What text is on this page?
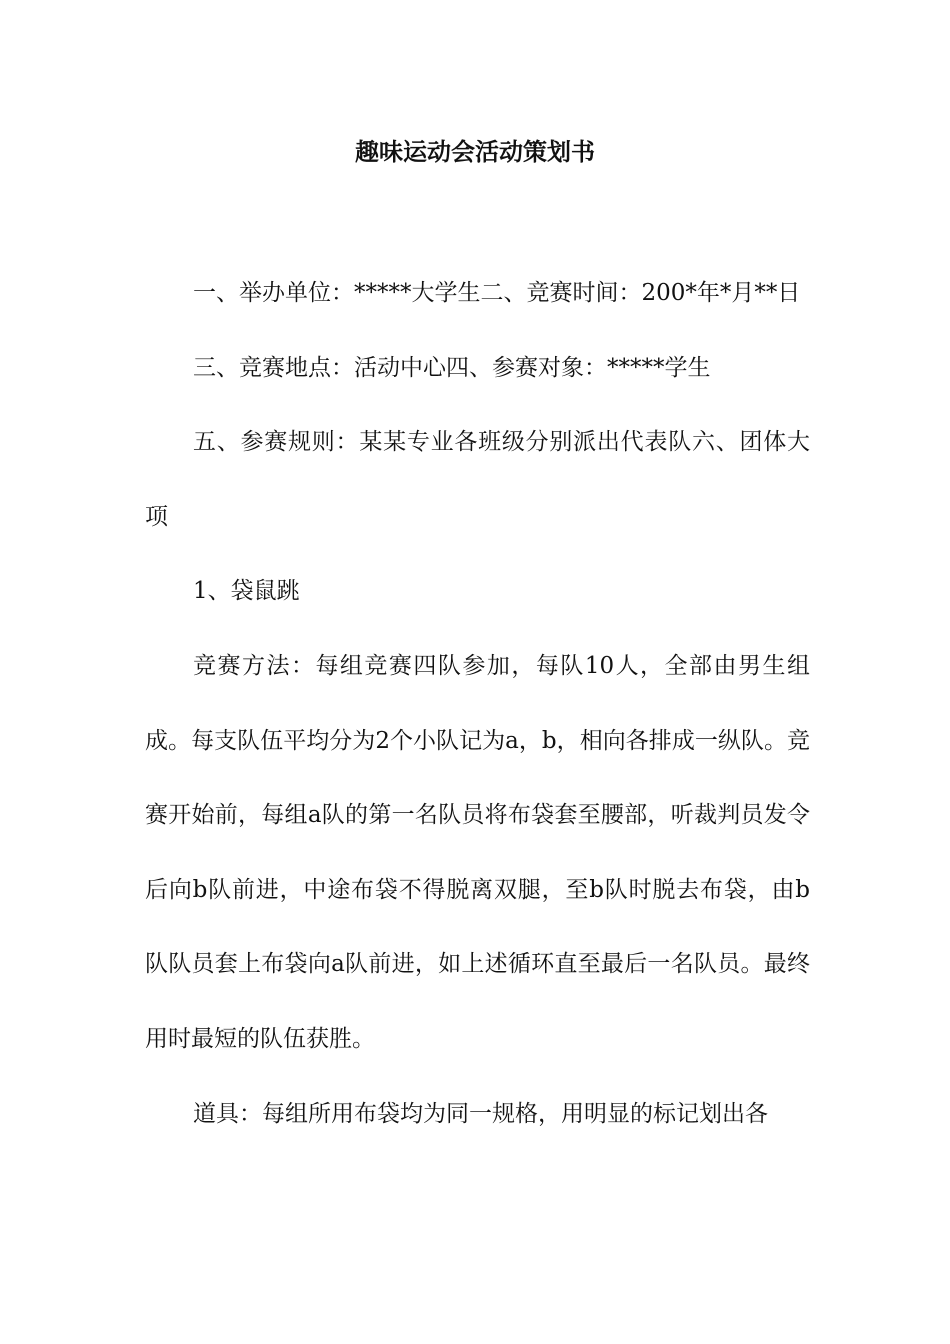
趣味运动会活动策划书

一、举办单位：*****大学生二、竞赛时间：200*年*月**日

三、竞赛地点：活动中心四、参赛对象：*****学生

五、参赛规则：某某专业各班级分别派出代表队六、团体大项

1、袋鼠跳

竞赛方法：每组竞赛四队参加，每队10人，全部由男生组成。每支队伍平均分为2个小队记为a，b，相向各排成一纵队。竞赛开始前，每组a队的第一名队员将布袋套至腰部，听裁判员发令后向b队前进，中途布袋不得脱离双腿，至b队时脱去布袋，由b队队员套上布袋向a队前进，如上述循环直至最后一名队员。最终用时最短的队伍获胜。

道具：每组所用布袋均为同一规格，用明显的标记划出各
